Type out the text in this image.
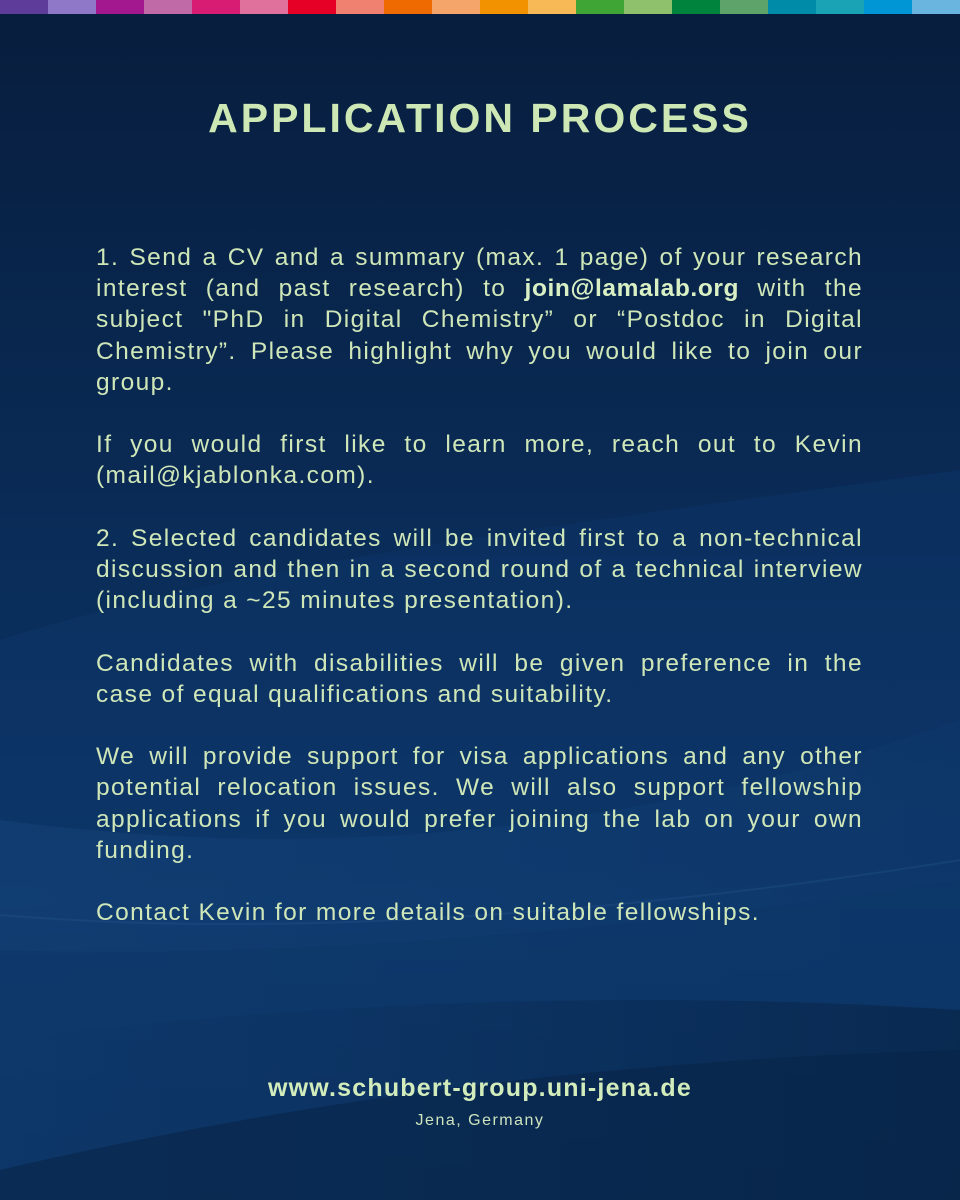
APPLICATION PROCESS

1. Send a CV and a summary (max. 1 page) of your research interest (and past research) to join@lamalab.org with the subject "PhD in Digital Chemistry” or “Postdoc in Digital Chemistry”. Please highlight why you would like to join our group.

If you would first like to learn more, reach out to Kevin (mail@kjablonka.com).

2. Selected candidates will be invited first to a non-technical discussion and then in a second round of a technical interview (including a ~25 minutes presentation).

Candidates with disabilities will be given preference in the case of equal qualifications and suitability.

We will provide support for visa applications and any other potential relocation issues. We will also support fellowship applications if you would prefer joining the lab on your own funding.

Contact Kevin for more details on suitable fellowships.

www.schubert-group.uni-jena.de
Jena, Germany
